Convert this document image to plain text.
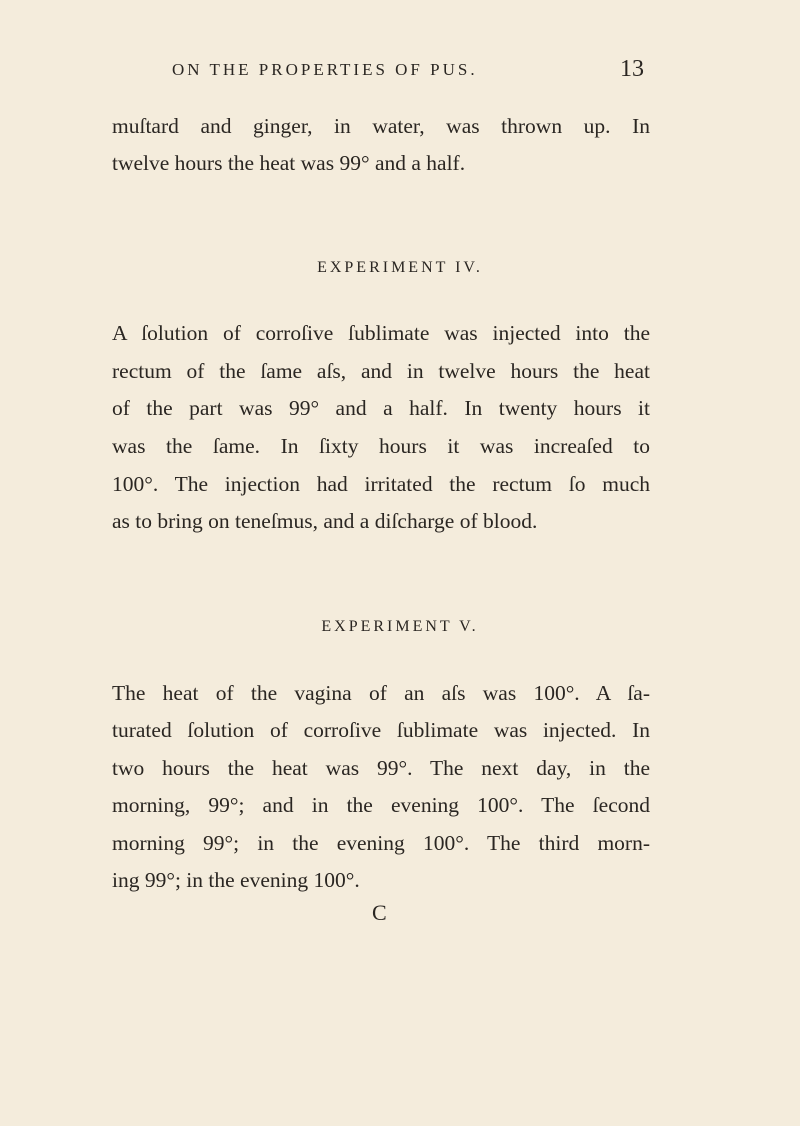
ON THE PROPERTIES OF PUS.	13
muſtard and ginger, in water, was thrown up. In
twelve hours the heat was 99° and a half.
EXPERIMENT IV.
A ſolution of corroſive ſublimate was injected into the
rectum of the ſame aſs, and in twelve hours the heat
of the part was 99° and a half. In twenty hours it
was the ſame. In ſixty hours it was increaſed to
100°. The injection had irritated the rectum ſo much
as to bring on teneſmus, and a diſcharge of blood.
EXPERIMENT V.
The heat of the vagina of an aſs was 100°. A ſa-
turated ſolution of corroſive ſublimate was injected. In
two hours the heat was 99°. The next day, in the
morning, 99°; and in the evening 100°. The ſecond
morning 99°; in the evening 100°. The third morn-
ing 99°; in the evening 100°.
C
